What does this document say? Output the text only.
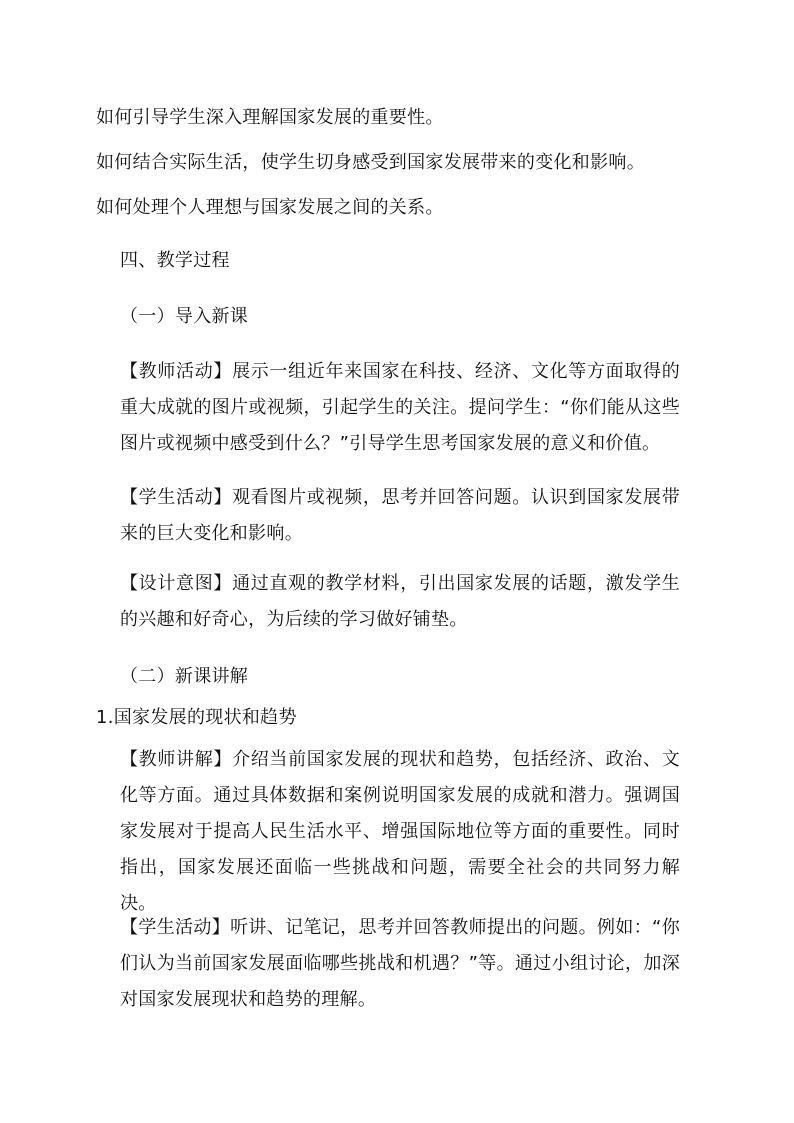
如何引导学生深入理解国家发展的重要性。
如何结合实际生活，使学生切身感受到国家发展带来的变化和影响。
如何处理个人理想与国家发展之间的关系。
四、教学过程
（一）导入新课
【教师活动】展示一组近年来国家在科技、经济、文化等方面取得的重大成就的图片或视频，引起学生的关注。提问学生：“你们能从这些图片或视频中感受到什么？”引导学生思考国家发展的意义和价值。
【学生活动】观看图片或视频，思考并回答问题。认识到国家发展带来的巨大变化和影响。
【设计意图】通过直观的教学材料，引出国家发展的话题，激发学生的兴趣和好奇心，为后续的学习做好铺垫。
（二）新课讲解
1.国家发展的现状和趋势
【教师讲解】介绍当前国家发展的现状和趋势，包括经济、政治、文化等方面。通过具体数据和案例说明国家发展的成就和潜力。强调国家发展对于提高人民生活水平、增强国际地位等方面的重要性。同时指出，国家发展还面临一些挑战和问题，需要全社会的共同努力解决。
【学生活动】听讲、记笔记，思考并回答教师提出的问题。例如：“你们认为当前国家发展面临哪些挑战和机遇？”等。通过小组讨论，加深对国家发展现状和趋势的理解。
